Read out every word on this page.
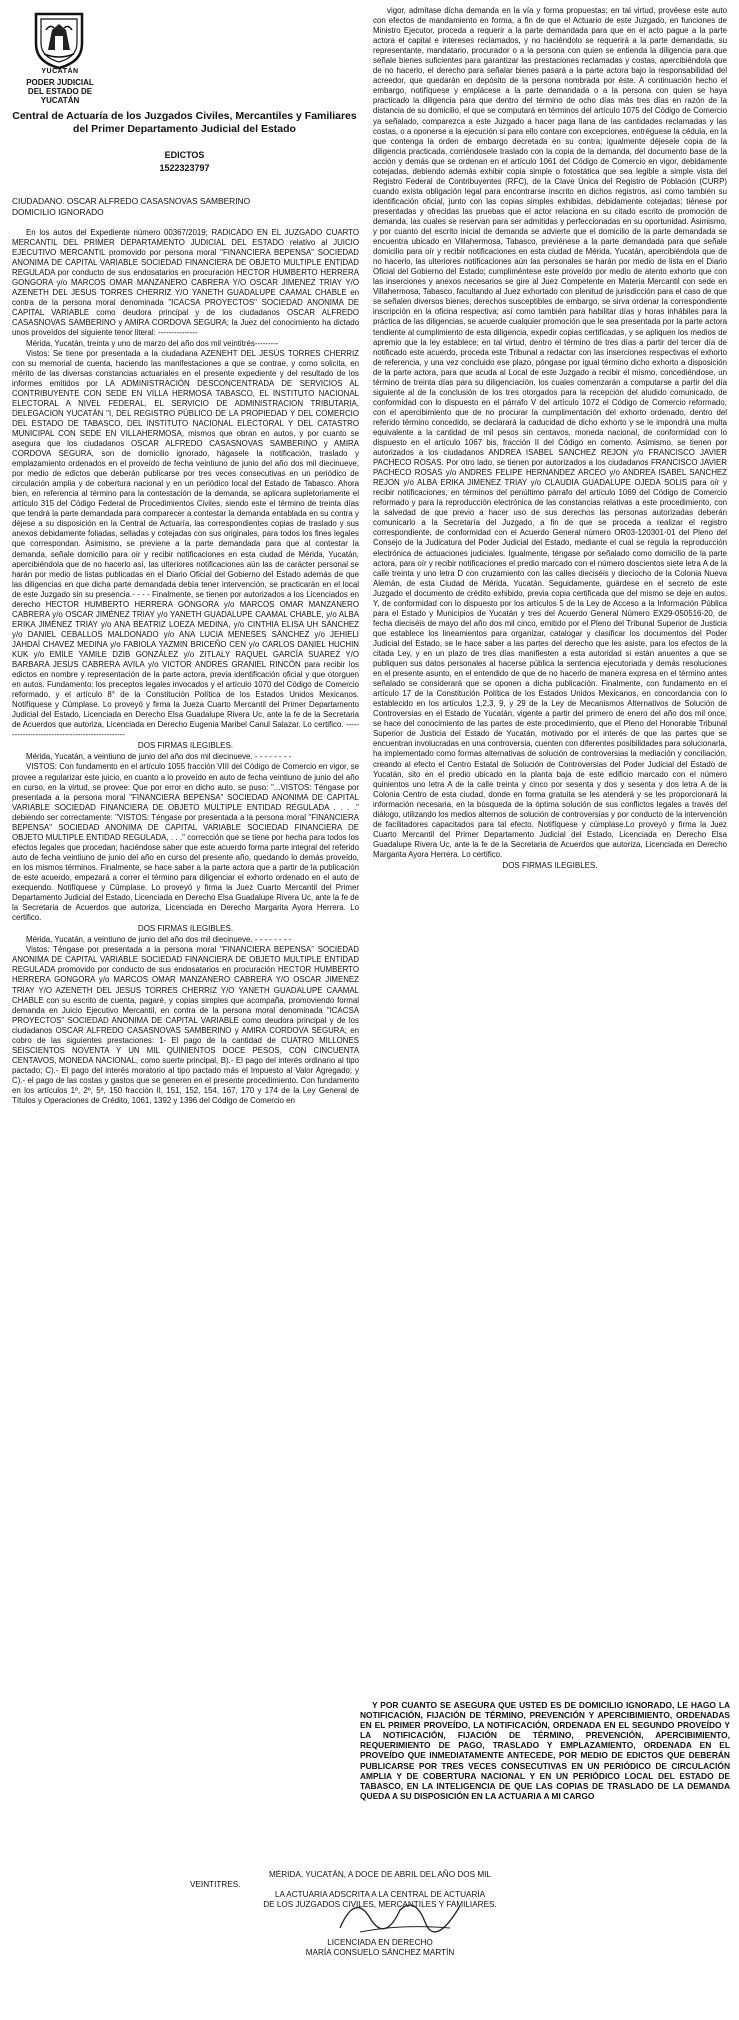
YUCATÁN
PODER JUDICIAL
DEL ESTADO DE
YUCATÁN
Central de Actuaría de los Juzgados Civiles, Mercantiles y Familiares del Primer Departamento Judicial del Estado
EDICTOS
1522323797
CIUDADANO. OSCAR ALFREDO CASASNOVAS SAMBERINO
DOMICILIO IGNORADO

En los autos del Expediente número 00367/2019; RADICADO EN EL JUZGADO CUARTO MERCANTIL DEL PRIMER DEPARTAMENTO JUDICIAL DEL ESTADO relativo al JUICIO EJECUTIVO MERCANTIL promovido por persona moral "FINANCIERA BEPENSA" SOCIEDAD ANONIMA DE CAPITAL VARIABLE SOCIEDAD FINANCIERA DE OBJETO MULTIPLE ENTIDAD REGULADA por conducto de sus endosatarios en procuración HECTOR HUMBERTO HERRERA GONGORA y/o MARCOS OMAR MANZANERO CABRERA Y/O OSCAR JIMENEZ TRIAY Y/O AZENETH DEL JESUS TORRES CHERRIZ Y/O YANETH GUADALUPE CAAMAL CHABLE en contra de la persona moral denominada "ICACSA PROYECTOS" SOCIEDAD ANONIMA DE CAPITAL VARIABLE como deudora principal y de los ciudadanos OSCAR ALFREDO CASASNOVAS SAMBERINO y AMIRA CORDOVA SEGURA; la Juez del conocimiento ha dictado unos proveídos del siguiente tenor literal: ---------------

Mérida, Yucatán, treinta y uno de marzo del año dos mil veintitrés---------

Vistos: Se tiene por presentada a la ciudadana AZENEHT DEL JESÚS TORRES CHERRIZ con su memorial de cuenta, haciendo las manifestaciones a que se contrae, y como solicita, en mérito de las diversas constancias actuariales en el presente expediente y del resultado de los informes emitidos por LA ADMINISTRACIÓN DESCONCENTRADA DE SERVICIOS AL CONTRIBUYENTE CON SEDE EN VILLA HERMOSA TABASCO, EL INSTITUTO NACIONAL ELECTORAL A NIVEL FEDERAL, EL SERVICIO DE ADMINISTRACION TRIBUTARIA, DELEGACION YUCATÁN "I, DEL REGISTRO PÚBLICO DE LA PROPIEDAD Y DEL COMERCIO DEL ESTADO DE TABASCO, DEL INSTITUTO NACIONAL ELECTORAL Y DEL CATASTRO MUNICIPAL CON SEDE EN VILLAHERMOSA, mismos que obran en autos, y por cuanto se asegura que los ciudadanos OSCAR ALFREDO CASASNOVAS SAMBERINO y AMIRA CORDOVA SEGURA, son de domicilio ignorado, hágasele la notificación, traslado y emplazamiento ordenados en el proveído de fecha veintiuno de junio del año dos mil diecinueve, por medio de edictos que deberán publicarse por tres veces consecutivas en un periódico de circulación amplia y de cobertura nacional y en un periódico local del Estado de Tabasco. Ahora bien, en referencia al término para la contestación de la demanda, se aplicara supletoriamente el artículo 315 del Código Federal de Procedimientos Civiles, siendo este el término de treinta días que tendrá la parte demandada para comparecer a contestar la demanda entablada en su contra y déjese a su disposición en la Central de Actuaría, las correspondientes copias de traslado y sus anexos debidamente foliadas, selladas y cotejadas con sus originales, para todos los fines legales que correspondan. Asimismo, se previene a la parte demandada para que al contestar la demanda, señale domicilio para oír y recibir notificaciones en esta ciudad de Mérida, Yucatán, apercibiéndola que de no hacerlo así, las ulteriores notificaciones aún las de carácter personal se harán por medio de listas publicadas en el Diario Oficial del Gobierno del Estado además de que las diligencias en que dicha parte demandada debía tener intervención, se practicarán en el local de este Juzgado sin su presencia.- - - - Finalmente, se tienen por autorizados a los Licenciados en derecho HECTOR HUMBERTO HERRERA GÓNGORA y/o MARCOS OMAR MANZANERO CABRERA y/o OSCAR JIMÉNEZ TRIAY y/o YANETH GUADALUPE CAAMAL CHABLE, y/o ALBA ERIKA JIMÉNEZ TRIAY y/o ANA BEATRIZ LOEZA MEDINA, y/o CINTHIA ELISA UH SÁNCHEZ y/o DANIEL CEBALLOS MALDONADO y/o ANA LUCIA MENESES SÁNCHEZ y/o JEHIELI JAHDAÍ CHAVEZ MEDINA y/o FABIOLA YAZMIN BRICEÑO CEN y/o CARLOS DANIEL HUCHIN KUK y/o EMILE YAMILE DZIB GONZÁLEZ y/o ZITLALY RAQUEL GARCÍA SUAREZ Y/O BARBARA JESUS CABRERA AVILA y/o VICTOR ANDRES GRANIEL RINCÓN para recibir los edictos en nombre y representación de la parte actora, previa identificación oficial y que otorguen en autos. Fundamento: los preceptos legales invocados y el artículo 1070 del Código de Comercio reformado, y el artículo 8° de la Constitución Política de los Estados Unidos Mexicanos. Notifíquese y Cúmplase. Lo proveyó y firma la Jueza Cuarto Mercantil del Primer Departamento Judicial del Estado, Licenciada en Derecho Elsa Guadalupe Rivera Uc, ante la fe de la Secretaria de Acuerdos que autoriza, Licenciada en Derecho Eugenia Maribel Canul Salazar. Lo certifico. ------------------------------------------------

DOS FIRMAS ILEGIBLES.

Mérida, Yucatán, a veintiuno de junio del año dos mil diecinueve. - - - - - - - -

VISTOS: Con fundamento en el artículo 1055 fracción VIII del Código de Comercio en vigor, se provee a regularizar este juicio, en cuanto a lo proveído en auto de fecha veintiuno de junio del año en curso, en la virtud, se provee: Que por error en dicho auto, se puso: "...VISTOS: Téngase por presentada a la persona moral "FINANCIERA BEPENSA" SOCIEDAD ANONIMA DE CAPITAL VARIABLE SOCIEDAD FINANCIERA DE OBJETO MULTIPLE ENTIDAD REGULADA . . . ." debiendo ser correctamente: "VISTOS: Téngase por presentada a la persona moral "FINANCIERA BEPENSA" SOCIEDAD ANONIMA DE CAPITAL VARIABLE SOCIEDAD FINANCIERA DE OBJETO MULTIPLE ENTIDAD REGULADA, . . ." corrección que se tiene por hecha para todos los efectos legales que procedan; haciéndose saber que este acuerdo forma parte integral del referido auto de fecha veintiuno de junio del año en curso del presente año, quedando lo demás proveído, en los mismos términos. Finalmente, se hace saber a la parte actora que a partir de la publicación de este acuerdo, empezará a correr el término para diligenciar el exhorto ordenado en el auto de exequendo. Notifíquese y Cúmplase. Lo proveyó y firma la Juez Cuarto Mercantil del Primer Departamento Judicial del Estado, Licenciada en Derecho Elsa Guadalupe Rivera Uc, ante la fe de la Secretaria de Acuerdos que autoriza, Licenciada en Derecho Margarita Ayora Herrera. Lo certifico.

DOS FIRMAS ILEGIBLES.

Mérida, Yucatán, a veintiuno de junio del año dos mil diecinueve. - - - - - - - -

Vistos: Téngase por presentada a la persona moral "FINANCIERA BEPENSA" SOCIEDAD ANONIMA DE CAPITAL VARIABLE SOCIEDAD FINANCIERA DE OBJETO MULTIPLE ENTIDAD REGULADA promovido por conducto de sus endosatarios en procuración HECTOR HUMBERTO HERRERA GONGORA y/o MARCOS OMAR MANZANERO CABRERA Y/O OSCAR JIMENEZ TRIAY Y/O AZENETH DEL JESUS TORRES CHERRIZ Y/O YANETH GUADALUPE CAAMAL CHABLE con su escrito de cuenta, pagaré, y copias simples que acompaña, promoviendo formal demanda en Juicio Ejecutivo Mercantil, en contra de la persona moral denominada "ICACSA PROYECTOS" SOCIEDAD ANONIMA DE CAPITAL VARIABLE como deudora principal y de los ciudadanos OSCAR ALFREDO CASASNOVAS SAMBERINO y AMIRA CORDOVA SEGURA; en cobro de las siguientes prestaciones: 1- El pago de la cantidad de CUATRO MILLONES SEISCIENTOS NOVENTA Y UN MIL QUINIENTOS DOCE PESOS, CON CINCUENTA CENTAVOS, MONEDA NACIONAL, como suerte principal, B).- El pago del interés ordinario al tipo pactado; C).- El pago del interés moratorio al tipo pactado más el Impuesto al Valor Agregado; y C).- el pago de las costas y gastos que se generen en el presente procedimiento. Con fundamento en los artículos 1º, 2º, 5º, 150 fracción II, 151, 152, 154, 167, 170 y 174 de la Ley General de Títulos y Operaciones de Crédito, 1061, 1392 y 1396 del Código de Comercio en

vigor, admítase dicha demanda en la vía y forma propuestas; en tal virtud, provéese este auto con efectos de mandamiento en forma, a fin de que el Actuario de este Juzgado, en funciones de Ministro Ejecutor, proceda a requerir a la parte demandada para que en el acto pague a la parte actora el capital e intereses reclamados, y no haciéndolo se requerirá a la parte demandada, su representante, mandatario, procurador o a la persona con quien se entienda la diligencia para que señale bienes suficientes para garantizar las prestaciones reclamadas y costas, apercibiéndola que de no hacerlo, el derecho para señalar bienes pasará a la parte actora bajo la responsabilidad del acreedor, que quedarán en depósito de la persona nombrada por éste. A continuación hecho el embargo, notifíquese y emplácese a la parte demandada o a la persona con quien se haya practicado la diligencia para que dentro del término de ocho días más tres días en razón de la distancia de su domicilio, el que se computará en términos del artículo 1075 del Código de Comercio ya señalado, comparezca a este Juzgado a hacer paga llana de las cantidades reclamadas y las costas, o a oponerse a la ejecución si para ello contare con excepciones, entréguese la cédula, en la que contenga la orden de embargo decretada en su contra; igualmente déjesele copia de la diligencia practicada, corriéndosele traslado con la copia de la demanda, del documento base de la acción y demás que se ordenan en el artículo 1061 del Código de Comercio en vigor, debidamente cotejadas, debiendo además exhibir copia simple o fotostática que sea legible a simple vista del Registro Federal de Contribuyentes (RFC), de la Clave Única del Registro de Población (CURP) cuando exista obligación legal para encontrarse inscrito en dichos registros, así como también su identificación oficial, junto con las copias simples exhibidas, debidamente cotejadas; tiénese por presentadas y ofrecidas las pruebas que el actor relaciona en su citado escrito de promoción de demanda, las cuales se reservan para ser admitidas y perfeccionadas en su oportunidad. Asimismo, y por cuanto del escrito inicial de demanda se advierte que el domicilio de la parte demandada se encuentra ubicado en Villahermosa, Tabasco, previénese a la parte demandada para que señale domicilio para oír y recibir notificaciones en esta ciudad de Mérida, Yucatán, apercibiéndola que de no hacerlo, las ulteriores notificaciones aún las personales se harán por medio de lista en el Diario Oficial del Gobierno del Estado; cumpliméntese este proveído por medio de atento exhorto que con las inserciones y anexos necesarios se gire al Juez Competente en Materia Mercantil con sede en Villahermosa, Tabasco, facultando al Juez exhortado con plenitud de jurisdicción para el caso de que se señalen diversos bienes, derechos susceptibles de embargo, se sirva ordenar la correspondiente inscripción en la oficina respectiva; así como también para habilitar días y horas inhábiles para la práctica de las diligencias, se acuerde cualquier promoción que le sea presentada por la parte actora tendiente al cumplimiento de esta diligencia, expedir copias certificadas, y se apliquen los medios de apremio que la ley establece; en tal virtud, dentro el término de tres días a partir del tercer día de notificado este acuerdo, proceda este Tribunal a redactar con las inserciones respectivas el exhorto de referencia, y una vez concluido ese plazo, póngase por igual término dicho exhorto a disposición de la parte actora, para que acuda al Local de este Juzgado a recibir el mismo, concediéndose, un término de treinta días para su diligenciación, los cuales comenzarán a computarse a partir del día siguiente al de la conclusión de los tres otorgados para la recepción del aludido comunicado, de conformidad con lo dispuesto en el párrafo V del artículo 1072 el Código de Comercio reformado, con el apercibimiento que de no procurar la cumplimentación del exhorto ordenado, dentro del referido término concedido, se declarará la caducidad de dicho exhorto y se le impondrá una multa equivalente a la cantidad de mil pesos sin centavos, moneda nacional, de conformidad con lo dispuesto en el artículo 1067 bis, fracción II del Código en comento. Asimismo, se tienen por autorizados a los ciudadanos ANDREA ISABEL SANCHEZ REJON y/o FRANCISCO JAVIER PACHECO ROSAS. Por otro lado, se tienen por autorizados a los ciudadanos FRANCISCO JAVIER PACHECO ROSAS y/o ANDRES FELIPE HERNANDEZ ARCEO y/o ANDREA ISABEL SANCHEZ REJON y/o ALBA ERIKA JIMENEZ TRIAY y/o CLAUDIA GUADALUPE OJEDA SOLIS para oír y recibir notificaciones, en términos del penúltimo párrafo del artículo 1069 del Código de Comercio reformado y para la reproducción electrónica de las constancias relativas a este procedimiento, con la salvedad de que previo a hacer uso de sus derechos las personas autorizadas deberán comunicarlo a la Secretaría del Juzgado, a fin de que se proceda a realizar el registro correspondiente, de conformidad con el Acuerdo General número OR03-120301-01 del Pleno del Consejo de la Judicatura del Poder Judicial del Estado, mediante el cual se regula la reproducción electrónica de actuaciones judiciales. Igualmente, téngase por señalado como domicilio de la parte actora, para oír y recibir notificaciones el predio marcado con el número doscientos siete letra A de la calle treinta y uno letra D con cruzamiento con las calles dieciséis y dieciocho de la Colonia Nueva Alemán, de esta Ciudad de Mérida, Yucatán. Seguidamente, guárdese en el secreto de este Juzgado el documento de crédito exhibido, previa copia certificada que del mismo se deje en autos. Y, de conformidad con lo dispuesto por los artículos 5 de la Ley de Acceso a la Información Pública para el Estado y Municipios de Yucatán y tres del Acuerdo General Número EX29-050516-20, de fecha dieciséis de mayo del año dos mil cinco, emitido por el Pleno del Tribunal Superior de Justicia que establece los lineamientos para organizar, catalogar y clasificar los documentos del Poder Judicial del Estado, se le hace saber a las partes del derecho que les asiste, para los efectos de la citada Ley, y en un plazo de tres días manifiesten a esta autoridad si están anuentes a que se publiquen sus datos personales al hacerse pública la sentencia ejecutoriada y demás resoluciones en el presente asunto, en el entendido de que de no hacerlo de manera expresa en el término antes señalado se considerará que se oponen a dicha publicación. Finalmente, con fundamento en el artículo 17 de la Constitución Política de los Estados Unidos Mexicanos, en concordancia con lo establecido en los artículos 1,2,3, 9, y 29 de la Ley de Mecanismos Alternativos de Solución de Controversias en el Estado de Yucatán, vigente a partir del primero de enero del año dos mil once, se hace del conocimiento de las partes de este procedimiento, que el Pleno del Honorable Tribunal Superior de Justicia del Estado de Yucatán, motivado por el interés de que las partes que se encuentran involucradas en una controversia, cuenten con diferentes posibilidades para solucionarla, ha implementado como formas alternativas de solución de controversias la mediación y conciliación, creando al efecto el Centro Estatal de Solución de Controversias del Poder Judicial del Estado de Yucatán, sito en el predio ubicado en la planta baja de este edificio marcado con el número quinientos uno letra A de la calle treinta y cinco por sesenta y dos y sesenta y dos letra A de la Colonia Centro de esta ciudad, donde en forma gratuita se les atenderá y se les proporcionará la información necesaria, en la búsqueda de la óptima solución de sus conflictos legales a través del diálogo, utilizando los medios alternos de solución de controversias y por conducto de la intervención de facilitadores capacitados para tal efecto. Notifíquese y cúmplase.Lo proveyó y firma la Juez Cuarto Mercantil del Primer Departamento Judicial del Estado, Licenciada en Derecho Elsa Guadalupe Rivera Uc, ante la fe de la Secretaria de Acuerdos que autoriza, Licenciada en Derecho Margarita Ayora Herrera. Lo certifico.

DOS FIRMAS ILEGIBLES.
Y POR CUANTO SE ASEGURA QUE USTED ES DE DOMICILIO IGNORADO, LE HAGO LA NOTIFICACIÓN, FIJACIÓN DE TÉRMINO, PREVENCIÓN Y APERCIBIMIENTO, ORDENADAS EN EL PRIMER PROVEÍDO, LA NOTIFICACIÓN, ORDENADA EN EL SEGUNDO PROVEÍDO Y LA NOTIFICACIÓN, FIJACIÓN DE TÉRMINO, PREVENCIÓN, APERCIBIMIENTO, REQUERIMIENTO DE PAGO, TRASLADO Y EMPLAZAMIENTO, ORDENADA EN EL PROVEÍDO QUE INMEDIATAMENTE ANTECEDE, POR MEDIO DE EDICTOS QUE DEBERÁN PUBLICARSE POR TRES VECES CONSECUTIVAS EN UN PERIÓDICO DE CIRCULACIÓN AMPLIA Y DE COBERTURA NACIONAL Y EN UN PERIÓDICO LOCAL DEL ESTADO DE TABASCO, EN LA INTELIGENCIA DE QUE LAS COPIAS DE TRASLADO DE LA DEMANDA QUEDA A SU DISPOSICIÓN EN LA ACTUARIA A MI CARGO
MÉRIDA, YUCATÁN, A DOCE DE ABRIL DEL AÑO DOS MIL
VEINTITRES.
LA ACTUARIA ADSCRITA A LA CENTRAL DE ACTUARÍA
DE LOS JUZGADOS CIVILES, MERCANTILES Y FAMILIARES.
LICENCIADA EN DERECHO
MARÍA CONSUELO SÁNCHEZ MARTÍN
